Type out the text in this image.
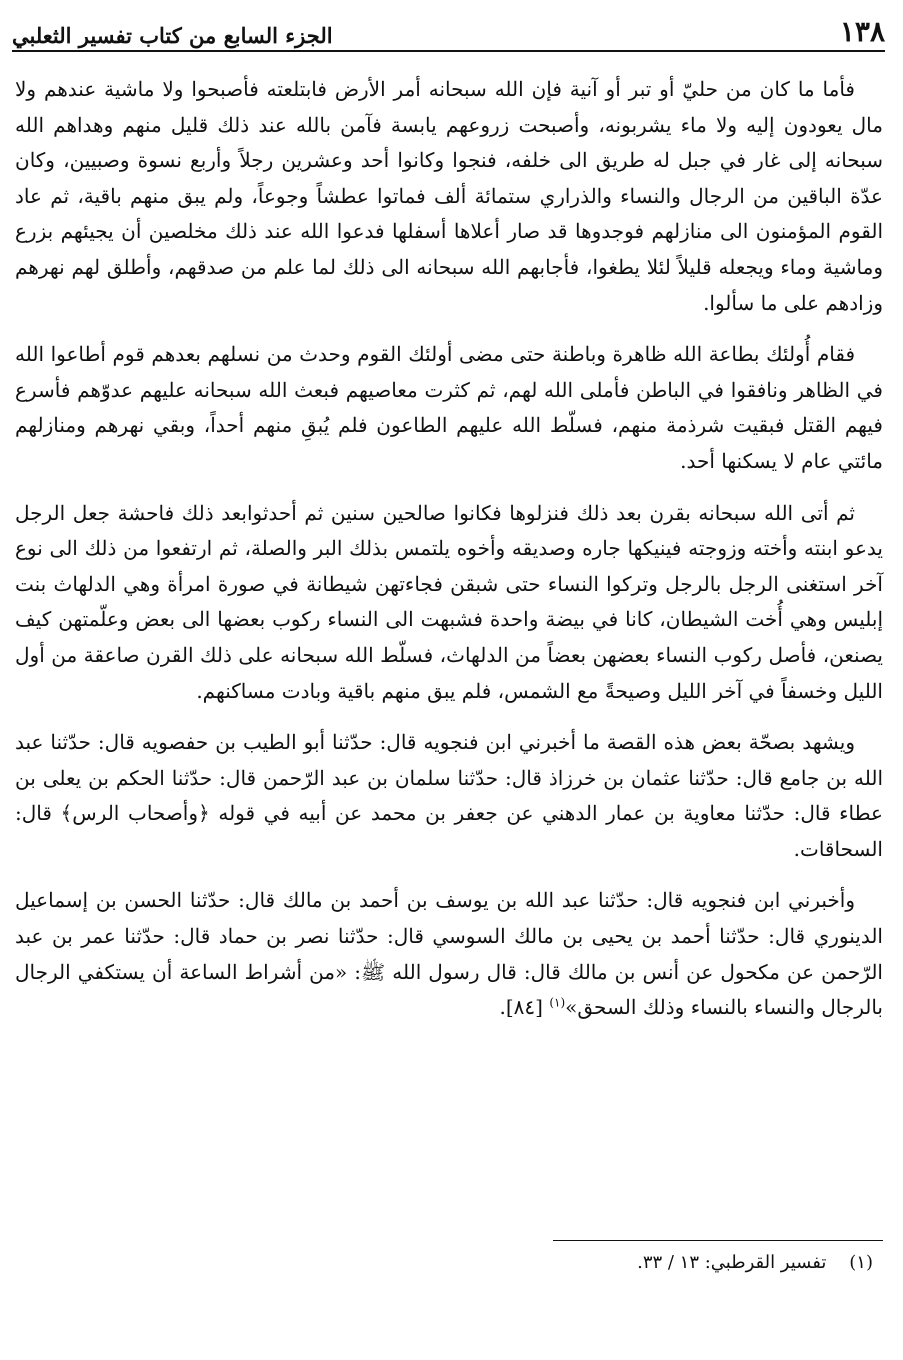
١٣٨
الجزء السابع من كتاب تفسير الثعلبي

فأما ما كان من حليّ أو تبر أو آنية فإن الله سبحانه أمر الأرض فابتلعته فأصبحوا ولا ماشية عندهم ولا مال يعودون إليه ولا ماء يشربونه، وأصبحت زروعهم يابسة فآمن بالله عند ذلك قليل منهم وهداهم الله سبحانه إلى غار في جبل له طريق الى خلفه، فنجوا وكانوا أحد وعشرين رجلاً وأربع نسوة وصبيين، وكان عدّة الباقين من الرجال والنساء والذراري ستمائة ألف فماتوا عطشاً وجوعاً، ولم يبق منهم باقية، ثم عاد القوم المؤمنون الى منازلهم فوجدوها قد صار أعلاها أسفلها فدعوا الله عند ذلك مخلصين أن يجيئهم بزرع وماشية وماء ويجعله قليلاً لئلا يطغوا، فأجابهم الله سبحانه الى ذلك لما علم من صدقهم، وأطلق لهم نهرهم وزادهم على ما سألوا.

فقام أُولئك بطاعة الله ظاهرة وباطنة حتى مضى أولئك القوم وحدث من نسلهم بعدهم قوم أطاعوا الله في الظاهر ونافقوا في الباطن فأملى الله لهم، ثم كثرت معاصيهم فبعث الله سبحانه عليهم عدوّهم فأسرع فيهم القتل فبقيت شرذمة منهم، فسلّط الله عليهم الطاعون فلم يُبقِ منهم أحداً، وبقي نهرهم ومنازلهم مائتي عام لا يسكنها أحد.

ثم أتى الله سبحانه بقرن بعد ذلك فنزلوها فكانوا صالحين سنين ثم أحدثوابعد ذلك فاحشة جعل الرجل يدعو ابنته وأخته وزوجته فينيكها جاره وصديقه وأخوه يلتمس بذلك البر والصلة، ثم ارتفعوا من ذلك الى نوع آخر استغنى الرجل بالرجل وتركوا النساء حتى شبقن فجاءتهن شيطانة في صورة امرأة وهي الدلهاث بنت إبليس وهي أُخت الشيطان، كانا في بيضة واحدة فشبهت الى النساء ركوب بعضها الى بعض وعلّمتهن كيف يصنعن، فأصل ركوب النساء بعضهن بعضاً من الدلهاث، فسلّط الله سبحانه على ذلك القرن صاعقة من أول الليل وخسفاً في آخر الليل وصيحةً مع الشمس، فلم يبق منهم باقية وبادت مساكنهم.

ويشهد بصحّة بعض هذه القصة ما أخبرني ابن فنجويه قال: حدّثنا أبو الطيب بن حفصويه قال: حدّثنا عبد الله بن جامع قال: حدّثنا عثمان بن خرزاذ قال: حدّثنا سلمان بن عبد الرّحمن قال: حدّثنا الحكم بن يعلى بن عطاء قال: حدّثنا معاوية بن عمار الدهني عن جعفر بن محمد عن أبيه في قوله ﴿وأصحاب الرس﴾ قال: السحاقات.

وأخبرني ابن فنجويه قال: حدّثنا عبد الله بن يوسف بن أحمد بن مالك قال: حدّثنا الحسن بن إسماعيل الدينوري قال: حدّثنا أحمد بن يحيى بن مالك السوسي قال: حدّثنا نصر بن حماد قال: حدّثنا عمر بن عبد الرّحمن عن مكحول عن أنس بن مالك قال: قال رسول الله ﷺ: «من أشراط الساعة أن يستكفي الرجال بالرجال والنساء بالنساء وذلك السحق»$^{(١)}$ [٨٤].

(١)    تفسير القرطبي: ١٣ / ٣٣.
